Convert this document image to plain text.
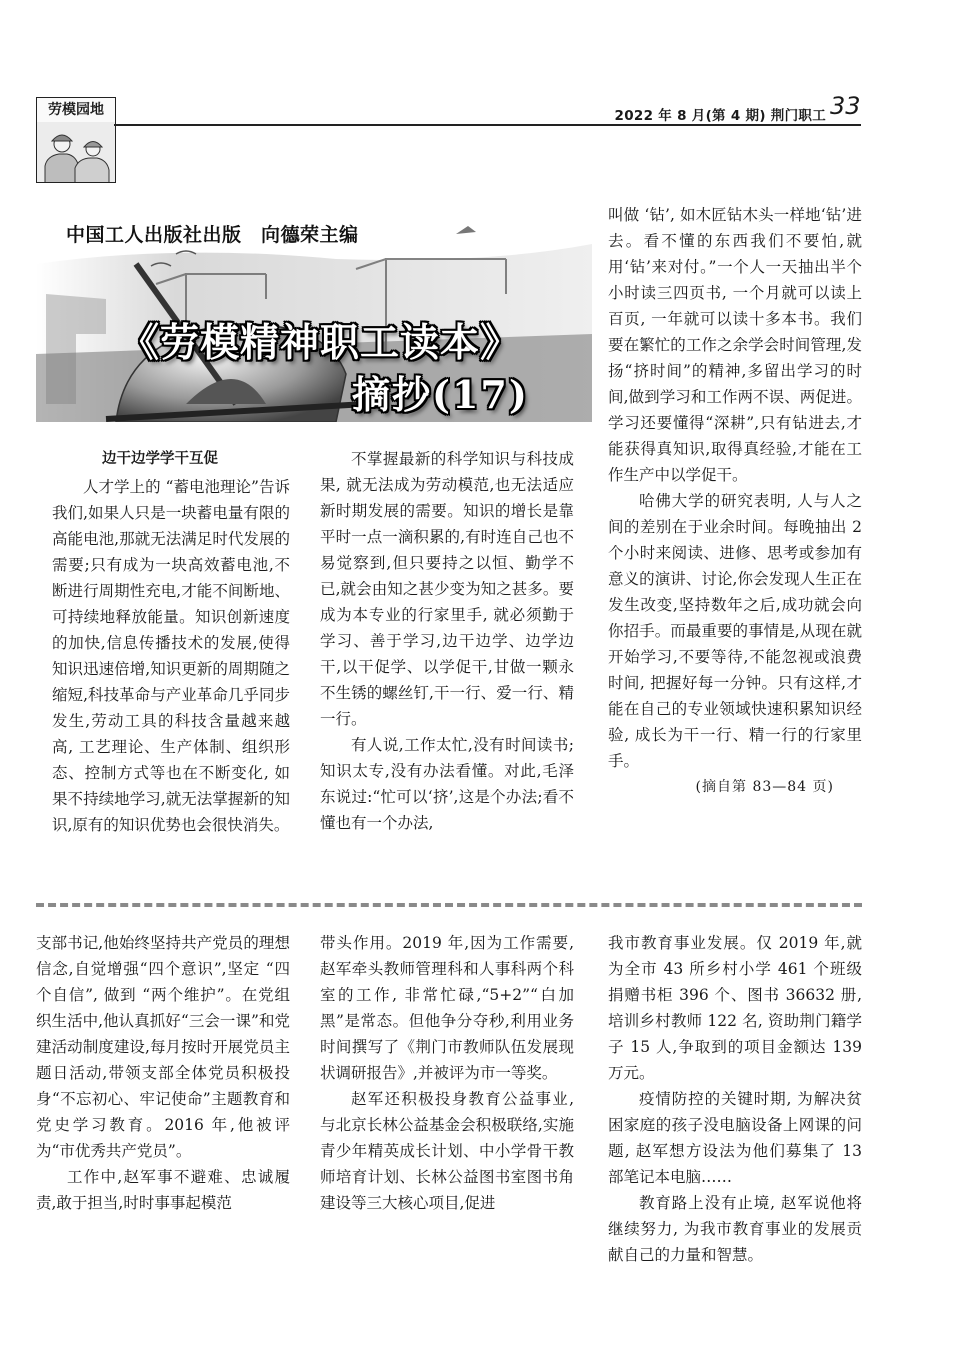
劳模园地	2022 年 8 月(第 4 期) 荆门职工 33
中国工人出版社出版　向德荣主编
《劳模精神职工读本》
摘抄(17)
边干边学学干互促

人才学上的 “蓄电池理论”告诉我们,如果人只是一块蓄电量有限的高能电池,那就无法满足时代发展的需要;只有成为一块高效蓄电池,不断进行周期性充电,才能不间断地、可持续地释放能量。知识创新速度的加快,信息传播技术的发展,使得知识迅速倍增,知识更新的周期随之缩短,科技革命与产业革命几乎同步发生,劳动工具的科技含量越来越高, 工艺理论、生产体制、组织形态、控制方式等也在不断变化, 如果不持续地学习,就无法掌握新的知识,原有的知识优势也会很快消失。

不掌握最新的科学知识与科技成果, 就无法成为劳动模范,也无法适应新时期发展的需要。知识的增长是靠平时一点一滴积累的,有时连自己也不易觉察到,但只要持之以恒、勤学不已,就会由知之甚少变为知之甚多。要成为本专业的行家里手, 就必须勤于学习、善于学习,边干边学、边学边干,以干促学、以学促干,甘做一颗永不生锈的螺丝钉,干一行、爱一行、精一行。

有人说,工作太忙,没有时间读书;知识太专,没有办法看懂。对此,毛泽东说过:“忙可以‘挤’,这是个办法;看不懂也有一个办法,

叫做 ‘钻’, 如木匠钻木头一样地‘钻’进去。看不懂的东西我们不要怕,就用‘钻’来对付。”一个人一天抽出半个小时读三四页书, 一个月就可以读上百页, 一年就可以读十多本书。我们要在繁忙的工作之余学会时间管理,发扬“挤时间”的精神,多留出学习的时间,做到学习和工作两不误、两促进。学习还要懂得“深耕”,只有钻进去,才能获得真知识,取得真经验,才能在工作生产中以学促干。

哈佛大学的研究表明, 人与人之间的差别在于业余时间。每晚抽出 2 个小时来阅读、进修、思考或参加有意义的演讲、讨论,你会发现人生正在发生改变,坚持数年之后,成功就会向你招手。而最重要的事情是,从现在就开始学习,不要等待,不能忽视或浪费时间, 把握好每一分钟。只有这样,才能在自己的专业领域快速积累知识经验, 成长为干一行、精一行的行家里手。

(摘自第 83—84 页)

支部书记,他始终坚持共产党员的理想信念,自觉增强“四个意识”,坚定 “四个自信”, 做到 “两个维护”。在党组织生活中,他认真抓好“三会一课”和党建活动制度建设,每月按时开展党员主题日活动,带领支部全体党员积极投身“不忘初心、牢记使命”主题教育和党史学习教育。2016 年,他被评为“市优秀共产党员”。

工作中,赵军事不避难、忠诚履责,敢于担当,时时事事起模范

带头作用。2019 年,因为工作需要,赵军牵头教师管理科和人事科两个科室的工作, 非常忙碌,“5+2”“白加黑”是常态。但他争分夺秒,利用业务时间撰写了《荆门市教师队伍发展现状调研报告》,并被评为市一等奖。

赵军还积极投身教育公益事业, 与北京长林公益基金会积极联络,实施青少年精英成长计划、中小学骨干教师培育计划、长林公益图书室图书角建设等三大核心项目,促进

我市教育事业发展。仅 2019 年,就为全市 43 所乡村小学 461 个班级捐赠书柜 396 个、图书 36632 册,培训乡村教师 122 名, 资助荆门籍学子 15 人,争取到的项目金额达 139 万元。

疫情防控的关键时期, 为解决贫困家庭的孩子没电脑设备上网课的问题, 赵军想方设法为他们募集了 13 部笔记本电脑……

教育路上没有止境, 赵军说他将继续努力, 为我市教育事业的发展贡献自己的力量和智慧。
